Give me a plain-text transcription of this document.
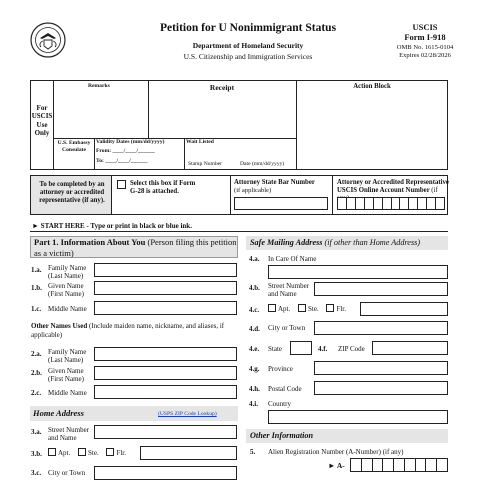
Petition for U Nonimmigrant Status
Department of Homeland Security
U.S. Citizenship and Immigration Services
USCIS
Form I-918
OMB No. 1615-0104
Expires 02/28/2026
For USCIS Use Only
Remarks	Receipt	Action Block
U.S. Embassy Consulate
Validity Dates (mm/dd/yyyy)
From: ____/____/______
To: ____/____/______
Wait Listed
Stamp Number	Date (mm/dd/yyyy)
To be completed by an attorney or accredited representative (if any).
Select this box if Form G-28 is attached.
Attorney State Bar Number
(if applicable)
Attorney or Accredited Representative USCIS Online Account Number (if
► START HERE - Type or print in black or blue ink.
Part 1. Information About You (Person filing this petition as a victim)
1.a. Family Name (Last Name)
1.b. Given Name (First Name)
1.c. Middle Name
Other Names Used (Include maiden name, nickname, and aliases, if applicable)
2.a. Family Name (Last Name)
2.b. Given Name (First Name)
2.c. Middle Name
Home Address	(USPS ZIP Code Lookup)
3.a. Street Number and Name
3.b.	Apt.	Ste.	Flr.
3.c. City or Town
Safe Mailing Address (if other than Home Address)
4.a. In Care Of Name
4.b. Street Number and Name
4.c.	Apt.	Ste.	Flr.
4.d. City or Town
4.e. State	4.f. ZIP Code
4.g. Province
4.h. Postal Code
4.i. Country
Other Information
5. Alien Registration Number (A-Number) (if any)
► A-
